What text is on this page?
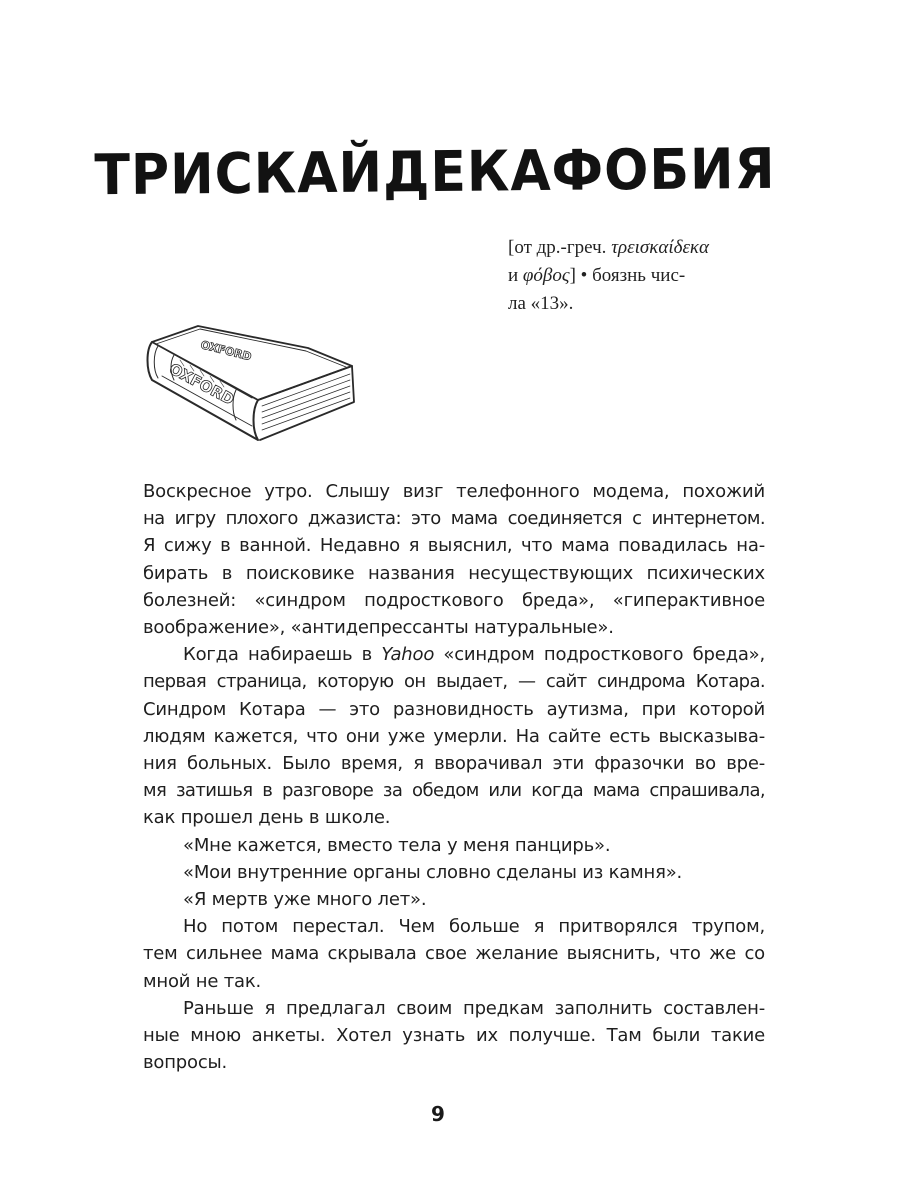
ТРИСКАЙДЕКАФОБИЯ
[от др.-греч. τρεισκαίδεκα
и φόβος] • боязнь чис-
ла «13».
OXFORD
OXFORD
Воскресное утро. Слышу визг телефонного модема, похожий
на игру плохого джазиста: это мама соединяется с интернетом.
Я сижу в ванной. Недавно я выяснил, что мама повадилась на-
бирать в поисковике названия несуществующих психических
болезней: «синдром подросткового бреда», «гиперактивное
воображение», «антидепрессанты натуральные».
Когда набираешь в Yahoo «синдром подросткового бреда»,
первая страница, которую он выдает, — сайт синдрома Котара.
Синдром Котара — это разновидность аутизма, при которой
людям кажется, что они уже умерли. На сайте есть высказыва-
ния больных. Было время, я вворачивал эти фразочки во вре-
мя затишья в разговоре за обедом или когда мама спрашивала,
как прошел день в школе.
«Мне кажется, вместо тела у меня панцирь».
«Мои внутренние органы словно сделаны из камня».
«Я мертв уже много лет».
Но потом перестал. Чем больше я притворялся трупом,
тем сильнее мама скрывала свое желание выяснить, что же со
мной не так.
Раньше я предлагал своим предкам заполнить составлен-
ные мною анкеты. Хотел узнать их получше. Там были такие
вопросы.
9
